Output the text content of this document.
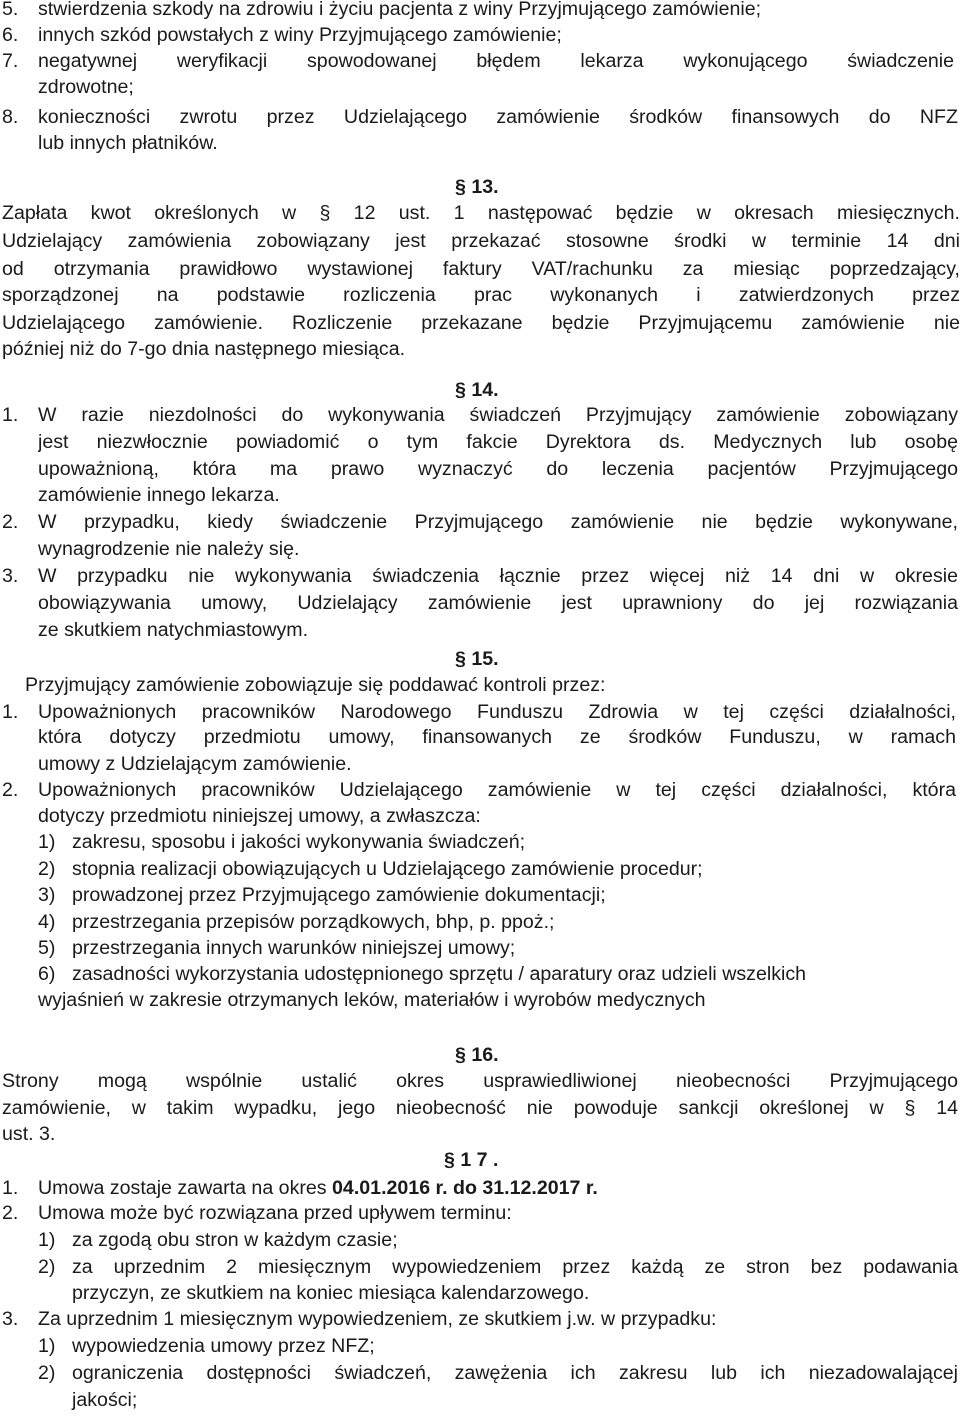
5. stwierdzenia szkody na zdrowiu i życiu pacjenta z winy Przyjmującego zamówienie;
6. innych szkód powstałych z winy Przyjmującego zamówienie;
7. negatywnej weryfikacji spowodowanej błędem lekarza wykonującego świadczenie
zdrowotne;
8. konieczności zwrotu przez Udzielającego zamówienie środków finansowych do NFZ
lub innych płatników.
§ 13.
Zapłata kwot określonych w § 12 ust. 1 następować będzie w okresach miesięcznych.
Udzielający zamówienia zobowiązany jest przekazać stosowne środki w terminie 14 dni
od otrzymania prawidłowo wystawionej faktury VAT/rachunku za miesiąc poprzedzający,
sporządzonej na podstawie rozliczenia prac wykonanych i zatwierdzonych przez
Udzielającego zamówienie. Rozliczenie przekazane będzie Przyjmującemu zamówienie nie
później niż do 7-go dnia następnego miesiąca.
§ 14.
1. W razie niezdolności do wykonywania świadczeń Przyjmujący zamówienie zobowiązany
jest niezwłocznie powiadomić o tym fakcie Dyrektora ds. Medycznych lub osobę
upoważnioną, która ma prawo wyznaczyć do leczenia pacjentów Przyjmującego
zamówienie innego lekarza.
2. W przypadku, kiedy świadczenie Przyjmującego zamówienie nie będzie wykonywane,
wynagrodzenie nie należy się.
3. W przypadku nie wykonywania świadczenia łącznie przez więcej niż 14 dni w okresie
obowiązywania umowy, Udzielający zamówienie jest uprawniony do jej rozwiązania
ze skutkiem natychmiastowym.
§ 15.
Przyjmujący zamówienie zobowiązuje się poddawać kontroli przez:
1. Upoważnionych pracowników Narodowego Funduszu Zdrowia w tej części działalności,
która dotyczy przedmiotu umowy, finansowanych ze środków Funduszu, w ramach
umowy z Udzielającym zamówienie.
2. Upoważnionych pracowników Udzielającego zamówienie w tej części działalności, która
dotyczy przedmiotu niniejszej umowy, a zwłaszcza:
1) zakresu, sposobu i jakości wykonywania świadczeń;
2) stopnia realizacji obowiązujących u Udzielającego zamówienie procedur;
3) prowadzonej przez Przyjmującego zamówienie dokumentacji;
4) przestrzegania przepisów porządkowych, bhp, p. ppoż.;
5) przestrzegania innych warunków niniejszej umowy;
6) zasadności wykorzystania udostępnionego sprzętu / aparatury oraz udzieli wszelkich
wyjaśnień w zakresie otrzymanych leków, materiałów i wyrobów medycznych
§ 16.
Strony mogą wspólnie ustalić okres usprawiedliwionej nieobecności Przyjmującego
zamówienie, w takim wypadku, jego nieobecność nie powoduje sankcji określonej w § 14
ust. 3.
§ 1 7 .
1. Umowa zostaje zawarta na okres 04.01.2016 r. do 31.12.2017 r.
2. Umowa może być rozwiązana przed upływem terminu:
1) za zgodą obu stron w każdym czasie;
2) za uprzednim 2 miesięcznym wypowiedzeniem przez każdą ze stron bez podawania
przyczyn, ze skutkiem na koniec miesiąca kalendarzowego.
3. Za uprzednim 1 miesięcznym wypowiedzeniem, ze skutkiem j.w. w przypadku:
1) wypowiedzenia umowy przez NFZ;
2) ograniczenia dostępności świadczeń, zawężenia ich zakresu lub ich niezadowalającej
jakości;
